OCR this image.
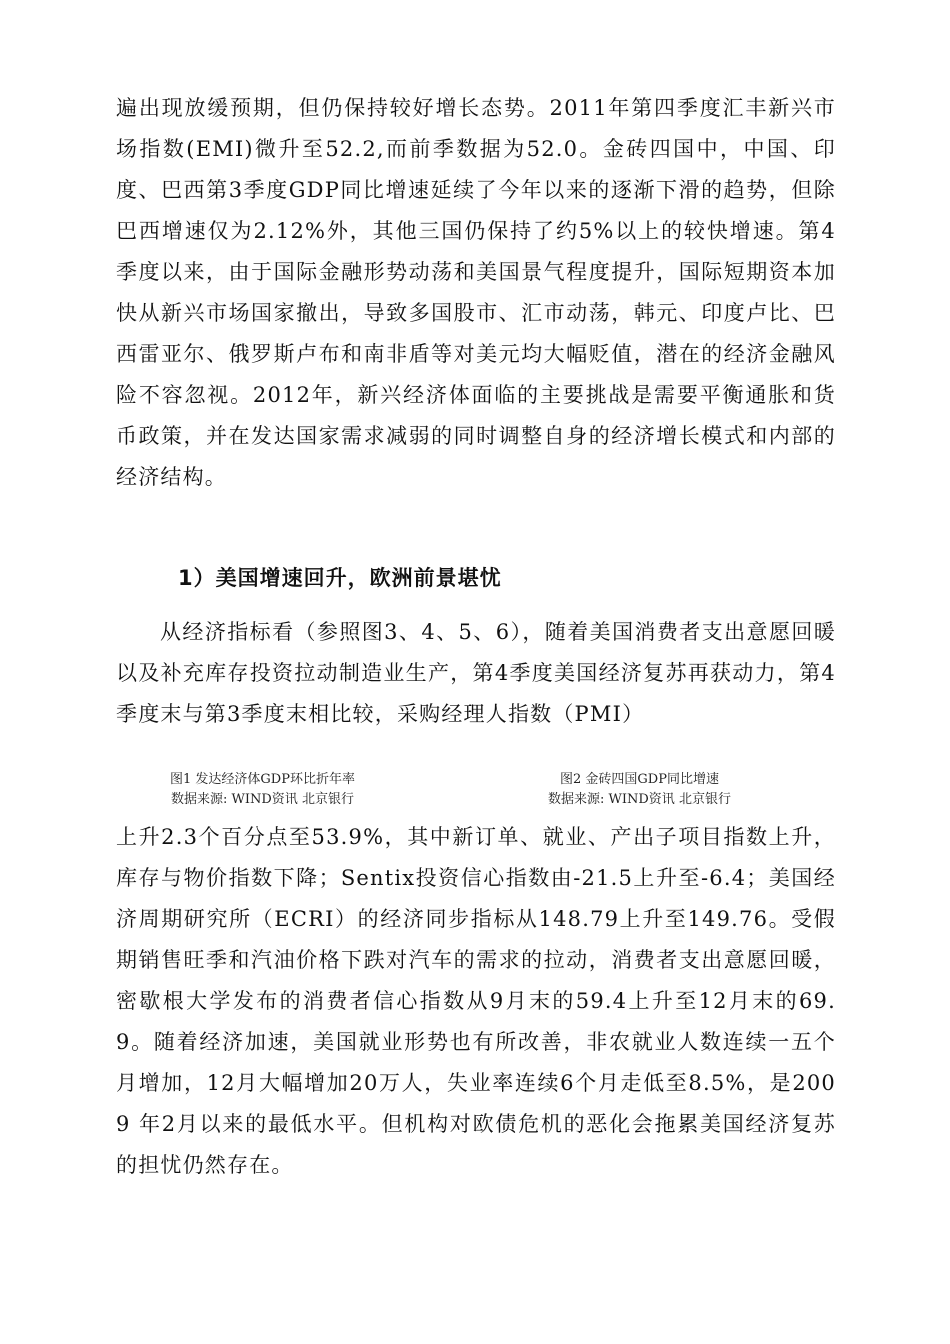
遍出现放缓预期，但仍保持较好增长态势。2011年第四季度汇丰新兴市场指数(EMI)微升至52.2,而前季数据为52.0。金砖四国中，中国、印度、巴西第3季度GDP同比增速延续了今年以来的逐渐下滑的趋势，但除巴西增速仅为2.12%外，其他三国仍保持了约5%以上的较快增速。第4季度以来，由于国际金融形势动荡和美国景气程度提升，国际短期资本加快从新兴市场国家撤出，导致多国股市、汇市动荡，韩元、印度卢比、巴西雷亚尔、俄罗斯卢布和南非盾等对美元均大幅贬值，潜在的经济金融风险不容忽视。2012年，新兴经济体面临的主要挑战是需要平衡通胀和货币政策，并在发达国家需求减弱的同时调整自身的经济增长模式和内部的经济结构。
1）美国增速回升，欧洲前景堪忧
从经济指标看（参照图3、4、5、6），随着美国消费者支出意愿回暖以及补充库存投资拉动制造业生产，第4季度美国经济复苏再获动力，第4季度末与第3季度末相比较，采购经理人指数（PMI）
图1 发达经济体GDP环比折年率
数据来源: WIND资讯 北京银行
图2 金砖四国GDP同比增速
数据来源: WIND资讯 北京银行
上升2.3个百分点至53.9%，其中新订单、就业、产出子项目指数上升，库存与物价指数下降；Sentix投资信心指数由-21.5上升至-6.4；美国经济周期研究所（ECRI）的经济同步指标从148.79上升至149.76。受假期销售旺季和汽油价格下跌对汽车的需求的拉动，消费者支出意愿回暖，密歇根大学发布的消费者信心指数从9月末的59.4上升至12月末的69.9。随着经济加速，美国就业形势也有所改善，非农就业人数连续一五个月增加，12月大幅增加20万人，失业率连续6个月走低至8.5%，是2009 年2月以来的最低水平。但机构对欧债危机的恶化会拖累美国经济复苏的担忧仍然存在。
